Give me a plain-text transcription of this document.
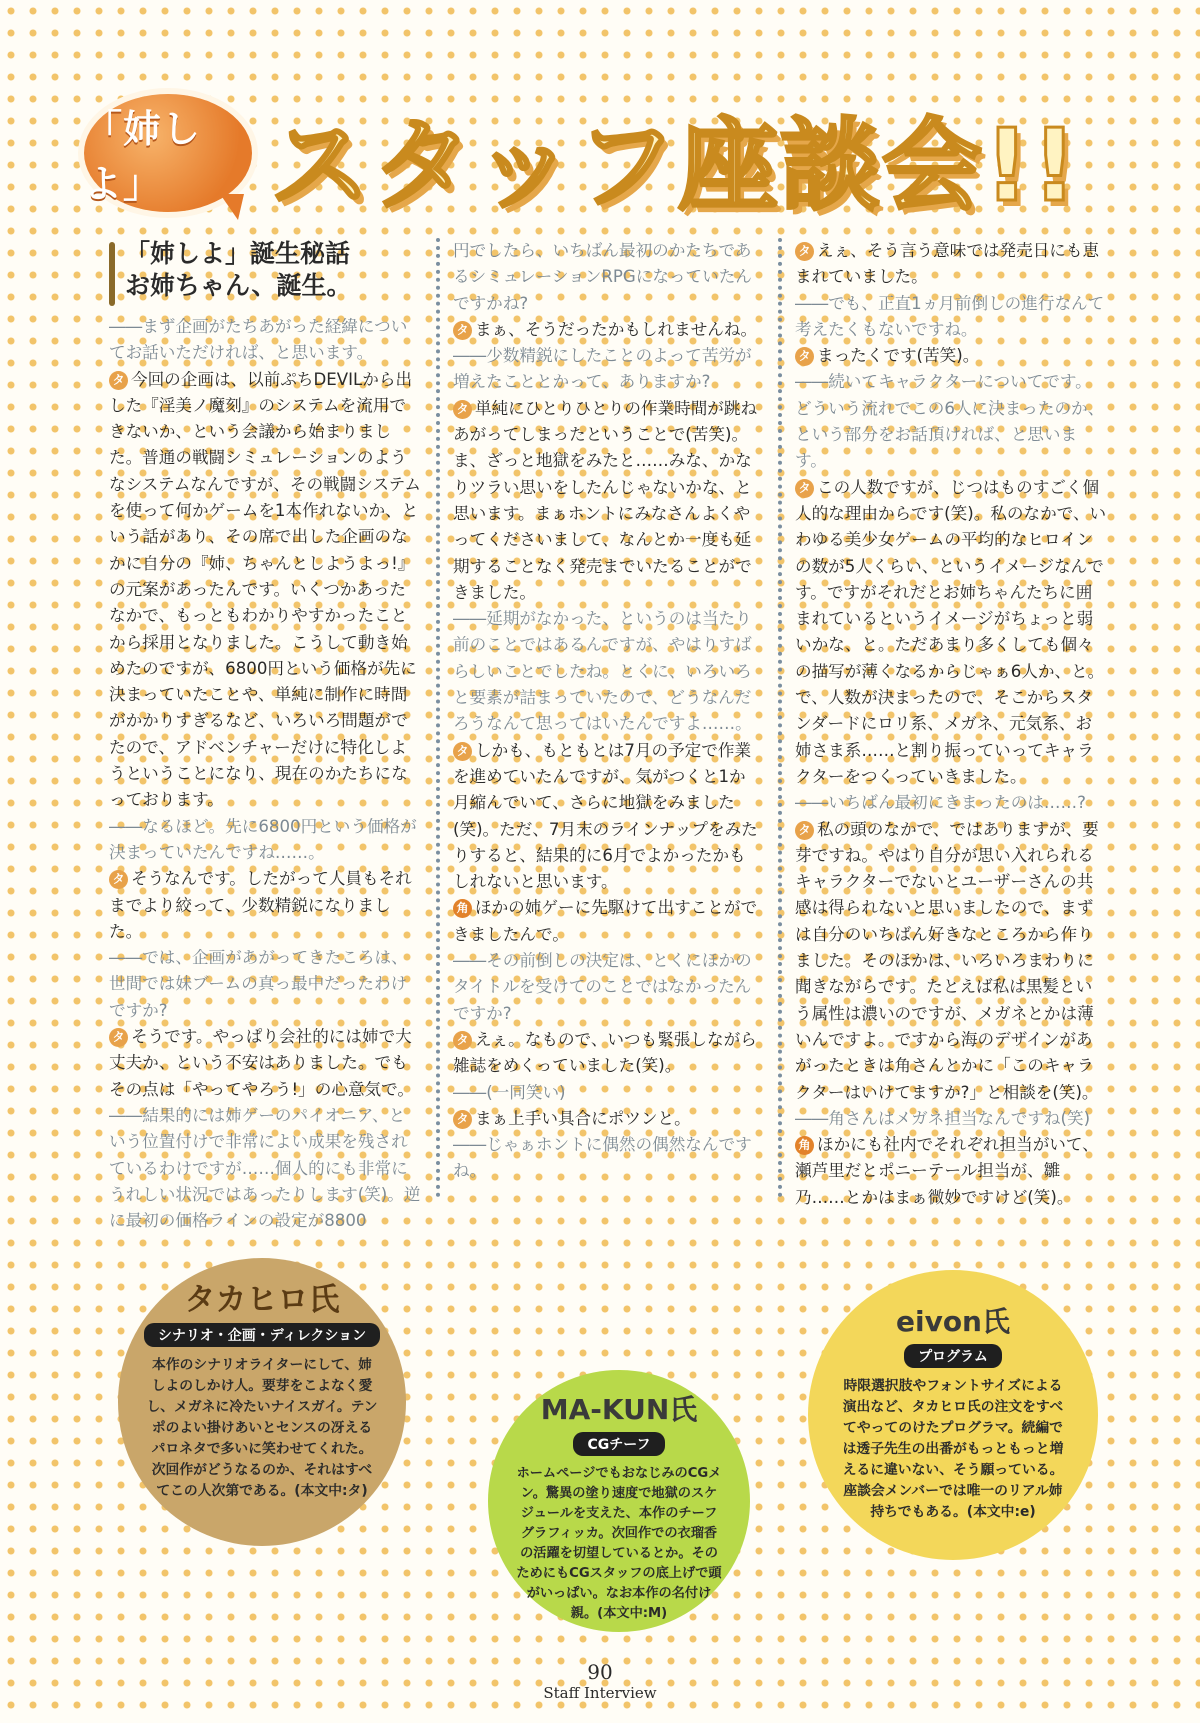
「姉しよ」	スタッフ座談会!!
「姉しよ」誕生秘話
お姉ちゃん、誕生。

――まず企画がたちあがった経緯についてお話いただければ、と思います。

タ 今回の企画は、以前ぷちDEVILから出した『淫美ノ魔刻』のシステムを流用できないか、という会議から始まりました。普通の戦闘シミュレーションのようなシステムなんですが、その戦闘システムを使って何かゲームを1本作れないか、という話があり、その席で出した企画のなかに自分の『姉、ちゃんとしようよっ!』の元案があったんです。いくつかあったなかで、もっともわかりやすかったことから採用となりました。こうして動き始めたのですが、6800円という価格が先に決まっていたことや、単純に制作に時間がかかりすぎるなど、いろいろ問題がでたので、アドベンチャーだけに特化しようということになり、現在のかたちになっております。

――なるほど。先に6800円という価格が決まっていたんですね……。

タ そうなんです。したがって人員もそれまでより絞って、少数精鋭になりました。

――では、企画があがってきたころは、世間では妹ブームの真っ最中だったわけですか?

タ そうです。やっぱり会社的には姉で大丈夫か、という不安はありました。でもその点は「やってやろう!」の心意気で。

――結果的には姉ゲーのパイオニア、という位置付けで非常によい成果を残されているわけですが……個人的にも非常にうれしい状況ではあったりします(笑)。逆に最初の価格ラインの設定が8800

円でしたら、いちばん最初のかたちであるシミュレーションRPGになっていたんですかね?

タ まぁ、そうだったかもしれませんね。

――少数精鋭にしたことのよって苦労が増えたこととかって、ありますか?

タ 単純にひとりひとりの作業時間が跳ねあがってしまったということで(苦笑)。ま、ざっと地獄をみたと……みな、かなりツラい思いをしたんじゃないかな、と思います。まぁホントにみなさんよくやってくださいまして、なんとか一度も延期することなく発売までいたることができました。

――延期がなかった、というのは当たり前のことではあるんですが、やはりすばらしいことでしたね。とくに、いろいろと要素が詰まっていたので、どうなんだろうなんて思ってはいたんですよ……。

タ しかも、もともとは7月の予定で作業を進めていたんですが、気がつくと1か月縮んでいて、さらに地獄をみました(笑)。ただ、7月末のラインナップをみたりすると、結果的に6月でよかったかもしれないと思います。

角 ほかの姉ゲーに先駆けて出すことができましたんで。

――その前倒しの決定は、とくにほかのタイトルを受けてのことではなかったんですか?

タ えぇ。なもので、いつも緊張しながら雑誌をめくっていました(笑)。

――(一同笑い)

タ まぁ上手い具合にポツンと。

――じゃぁホントに偶然の偶然なんですね。

タ えぇ、そう言う意味では発売日にも恵まれていました。

――でも、正直1ヵ月前倒しの進行なんて考えたくもないですね。

タ まったくです(苦笑)。

――続いてキャラクターについてです。どういう流れでこの6人に決まったのか、という部分をお話頂ければ、と思います。

タ この人数ですが、じつはものすごく個人的な理由からです(笑)。私のなかで、いわゆる美少女ゲームの平均的なヒロインの数が5人くらい、というイメージなんです。ですがそれだとお姉ちゃんたちに囲まれているというイメージがちょっと弱いかな、と。ただあまり多くしても個々の描写が薄くなるからじゃぁ6人か、と。で、人数が決まったので、そこからスタンダードにロリ系、メガネ、元気系、お姉さま系……と割り振っていってキャラクターをつくっていきました。

――いちばん最初にきまったのは……?

タ 私の頭のなかで、ではありますが、要芽ですね。やはり自分が思い入れられるキャラクターでないとユーザーさんの共感は得られないと思いましたので、まずは自分のいちばん好きなところから作りました。そのほかは、いろいろまわりに聞きながらです。たとえば私は黒髪という属性は濃いのですが、メガネとかは薄いんですよ。ですから海のデザインがあがったときは角さんとかに「このキャラクターはいけてますか?」と相談を(笑)。

――角さんはメガネ担当なんですね(笑)

角 ほかにも社内でそれぞれ担当がいて、瀬芦里だとポニーテール担当が、雛乃……とかはまぁ微妙ですけど(笑)。

タカヒロ氏
シナリオ・企画・ディレクション
本作のシナリオライターにして、姉しよのしかけ人。要芽をこよなく愛し、メガネに冷たいナイスガイ。テンポのよい掛けあいとセンスの冴えるパロネタで多いに笑わせてくれた。次回作がどうなるのか、それはすべてこの人次第である。(本文中:タ)
eivon氏
プログラム
時限選択肢やフォントサイズによる演出など、タカヒロ氏の注文をすべてやってのけたプログラマ。続編では透子先生の出番がもっともっと増えるに違いない、そう願っている。座談会メンバーでは唯一のリアル姉持ちでもある。(本文中:e)
MA-KUN氏
CGチーフ
ホームページでもおなじみのCGメン。驚異の塗り速度で地獄のスケジュールを支えた、本作のチーフグラフィッカ。次回作での衣瑠香の活躍を切望しているとか。そのためにもCGスタッフの底上げで頭がいっぱい。なお本作の名付け親。(本文中:M)
90
Staff Interview
